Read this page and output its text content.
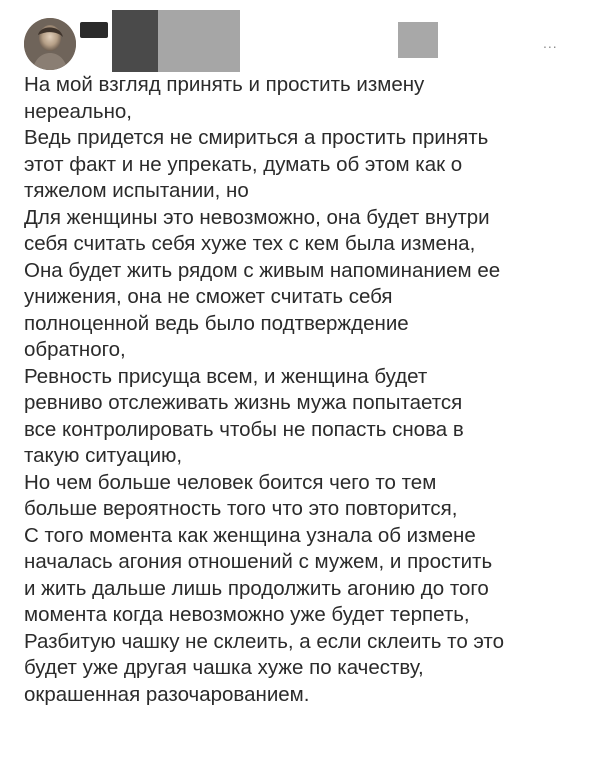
...
На мой взгляд принять и простить измену
нереально,
Ведь придется не смириться а простить принять
этот факт и не упрекать, думать об этом как о
тяжелом испытании, но
Для женщины это невозможно, она будет внутри
себя считать себя хуже тех с кем была измена,
Она будет жить рядом с живым напоминанием ее
унижения, она не сможет считать себя
полноценной ведь было подтверждение
обратного,
Ревность присуща всем, и женщина будет
ревниво отслеживать жизнь мужа попытается
все контролировать чтобы не попасть снова в
такую ситуацию,
Но чем больше человек боится чего то тем
больше вероятность того что это повторится,
С того момента как женщина узнала об измене
началась агония отношений с мужем, и простить
и жить дальше лишь продолжить агонию до того
момента когда невозможно уже будет терпеть,
Разбитую чашку не склеить, а если склеить то это
будет уже другая чашка хуже по качеству,
окрашенная разочарованием.
